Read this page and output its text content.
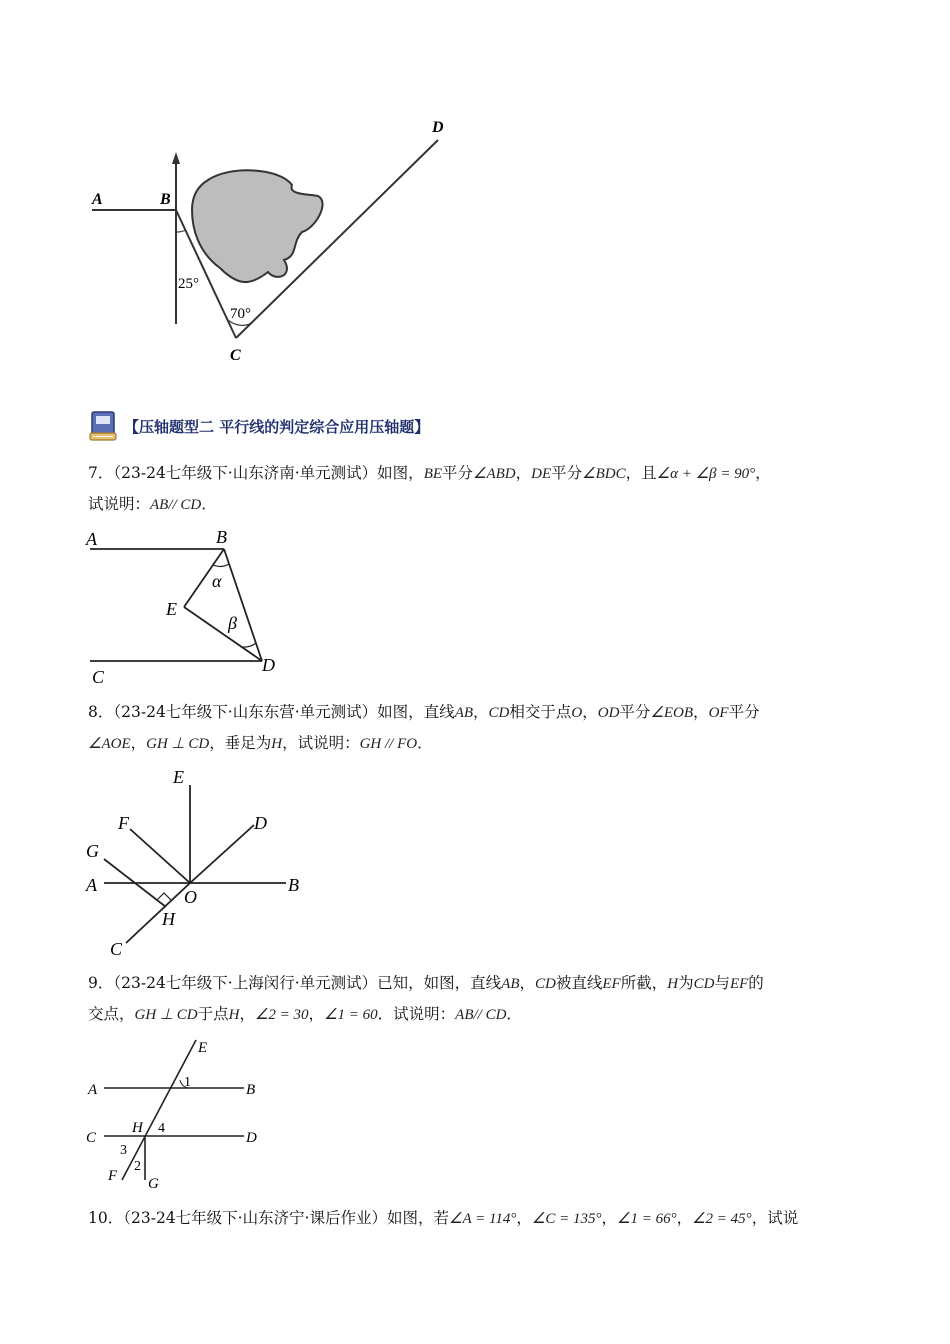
A	B
C
D
25°
70°
【压轴题型二 平行线的判定综合应用压轴题】
7．（23-24七年级下·山东济南·单元测试）如图，BE平分∠ABD，DE平分∠BDC，且∠α + ∠β = 90°，
试说明：AB// CD．
A	B
C
D
E
α
β
8．（23-24七年级下·山东东营·单元测试）如图，直线AB，CD相交于点O，OD平分∠EOB，OF平分
∠AOE，GH ⊥ CD，垂足为H，试说明：GH // FO．
A	B
C
D
E
F
G
H
O
9．（23-24七年级下·上海闵行·单元测试）已知，如图，直线AB，CD被直线EF所截，H为CD与EF的
交点，GH ⊥ CD于点H，∠2 = 30，∠1 = 60．试说明：AB// CD．
A	B
C	D
E
F G
H
1
2
3
4
10．（23-24七年级下·山东济宁·课后作业）如图，若∠A = 114°，∠C = 135°，∠1 = 66°，∠2 = 45°，试说
